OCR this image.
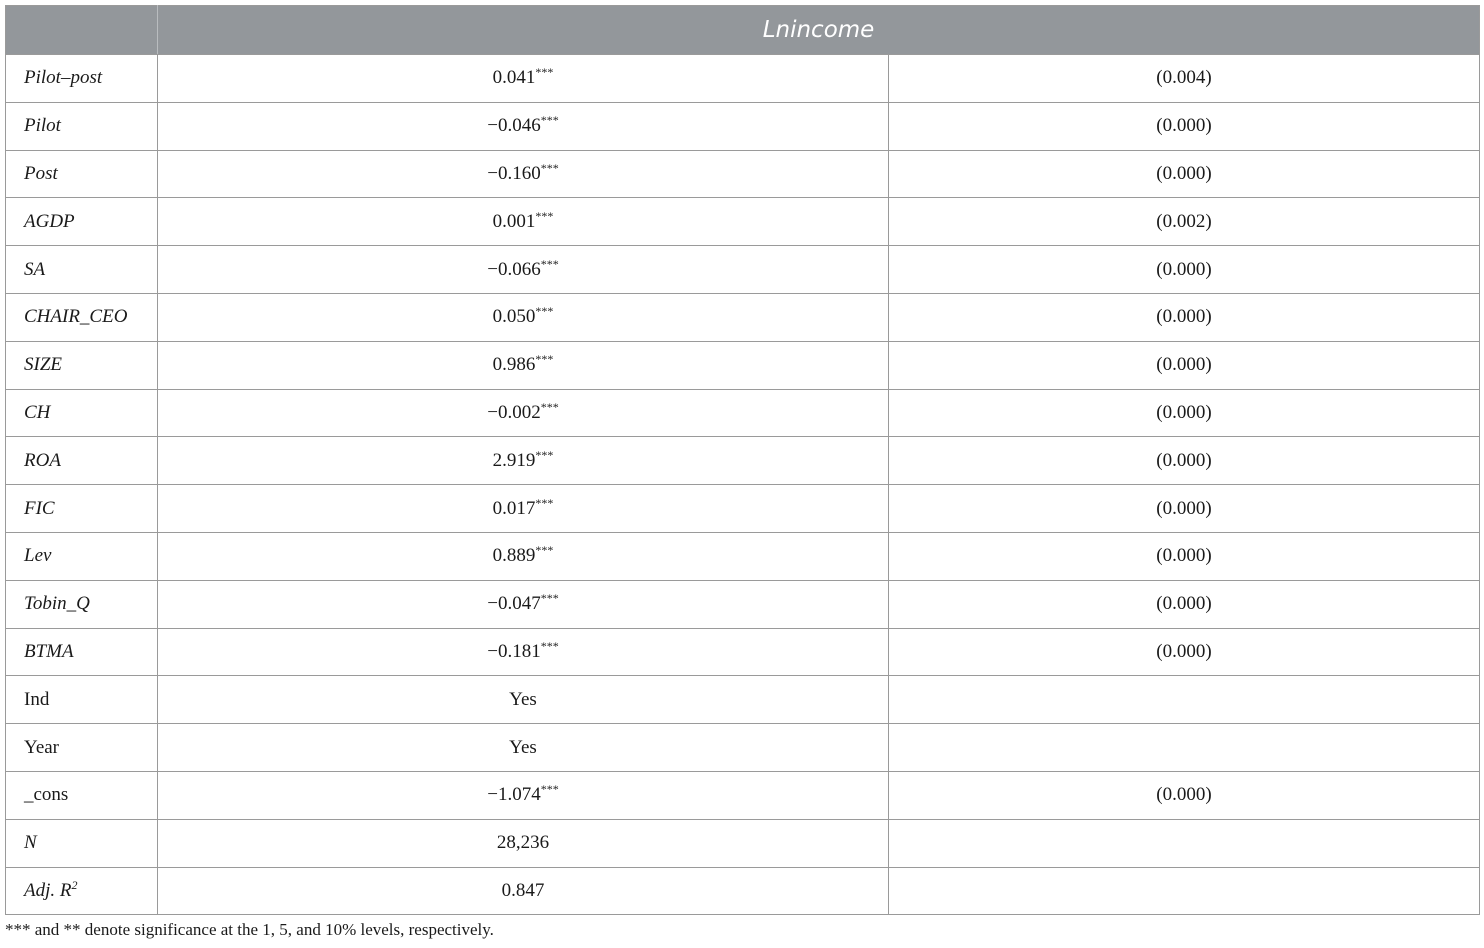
	Lnincome	
Pilot–post	0.041***	(0.004)
Pilot	−0.046***	(0.000)
Post	−0.160***	(0.000)
AGDP	0.001***	(0.002)
SA	−0.066***	(0.000)
CHAIR_CEO	0.050***	(0.000)
SIZE	0.986***	(0.000)
CH	−0.002***	(0.000)
ROA	2.919***	(0.000)
FIC	0.017***	(0.000)
Lev	0.889***	(0.000)
Tobin_Q	−0.047***	(0.000)
BTMA	−0.181***	(0.000)
Ind	Yes	
Year	Yes	
_cons	−1.074***	(0.000)
N	28,236	
Adj. $R^2$	0.847	
*** and ** denote significance at the 1, 5, and 10% levels, respectively.
